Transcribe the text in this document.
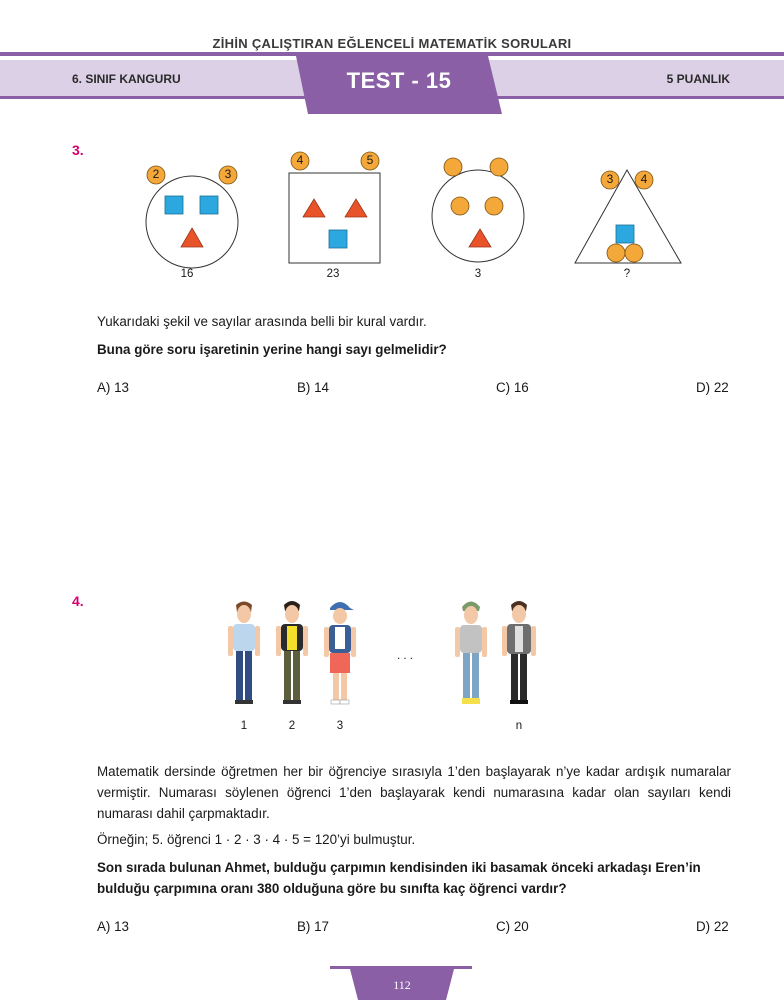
ZİHİN ÇALIŞTIRAN EĞLENCELİ MATEMATİK SORULARI
6. SINIF KANGURU	5 PUANLIK
TEST - 15
3.
2	3
4	5
3	4
16	23	3	?
Yukarıdaki şekil ve sayılar arasında belli bir kural vardır.
Buna göre soru işaretinin yerine hangi sayı gelmelidir?
A) 13	B) 14	C) 16	D) 22
4.
. . .
1	2	3	n
Matematik dersinde öğretmen her bir öğrenciye sırasıyla 1’den başlayarak n’ye kadar ardışık numaralar vermiştir. Numarası söylenen öğrenci 1’den başlayarak kendi numarasına kadar olan sayıları kendi numarası dahil çarpmaktadır.
Örneğin; 5. öğrenci 1 · 2 · 3 · 4 · 5 = 120’yi bulmuştur.
Son sırada bulunan Ahmet, bulduğu çarpımın kendisinden iki basamak önceki arkadaşı Eren’in bulduğu çarpımına oranı 380 olduğuna göre bu sınıfta kaç öğrenci vardır?
A) 13	B) 17	C) 20	D) 22
112
